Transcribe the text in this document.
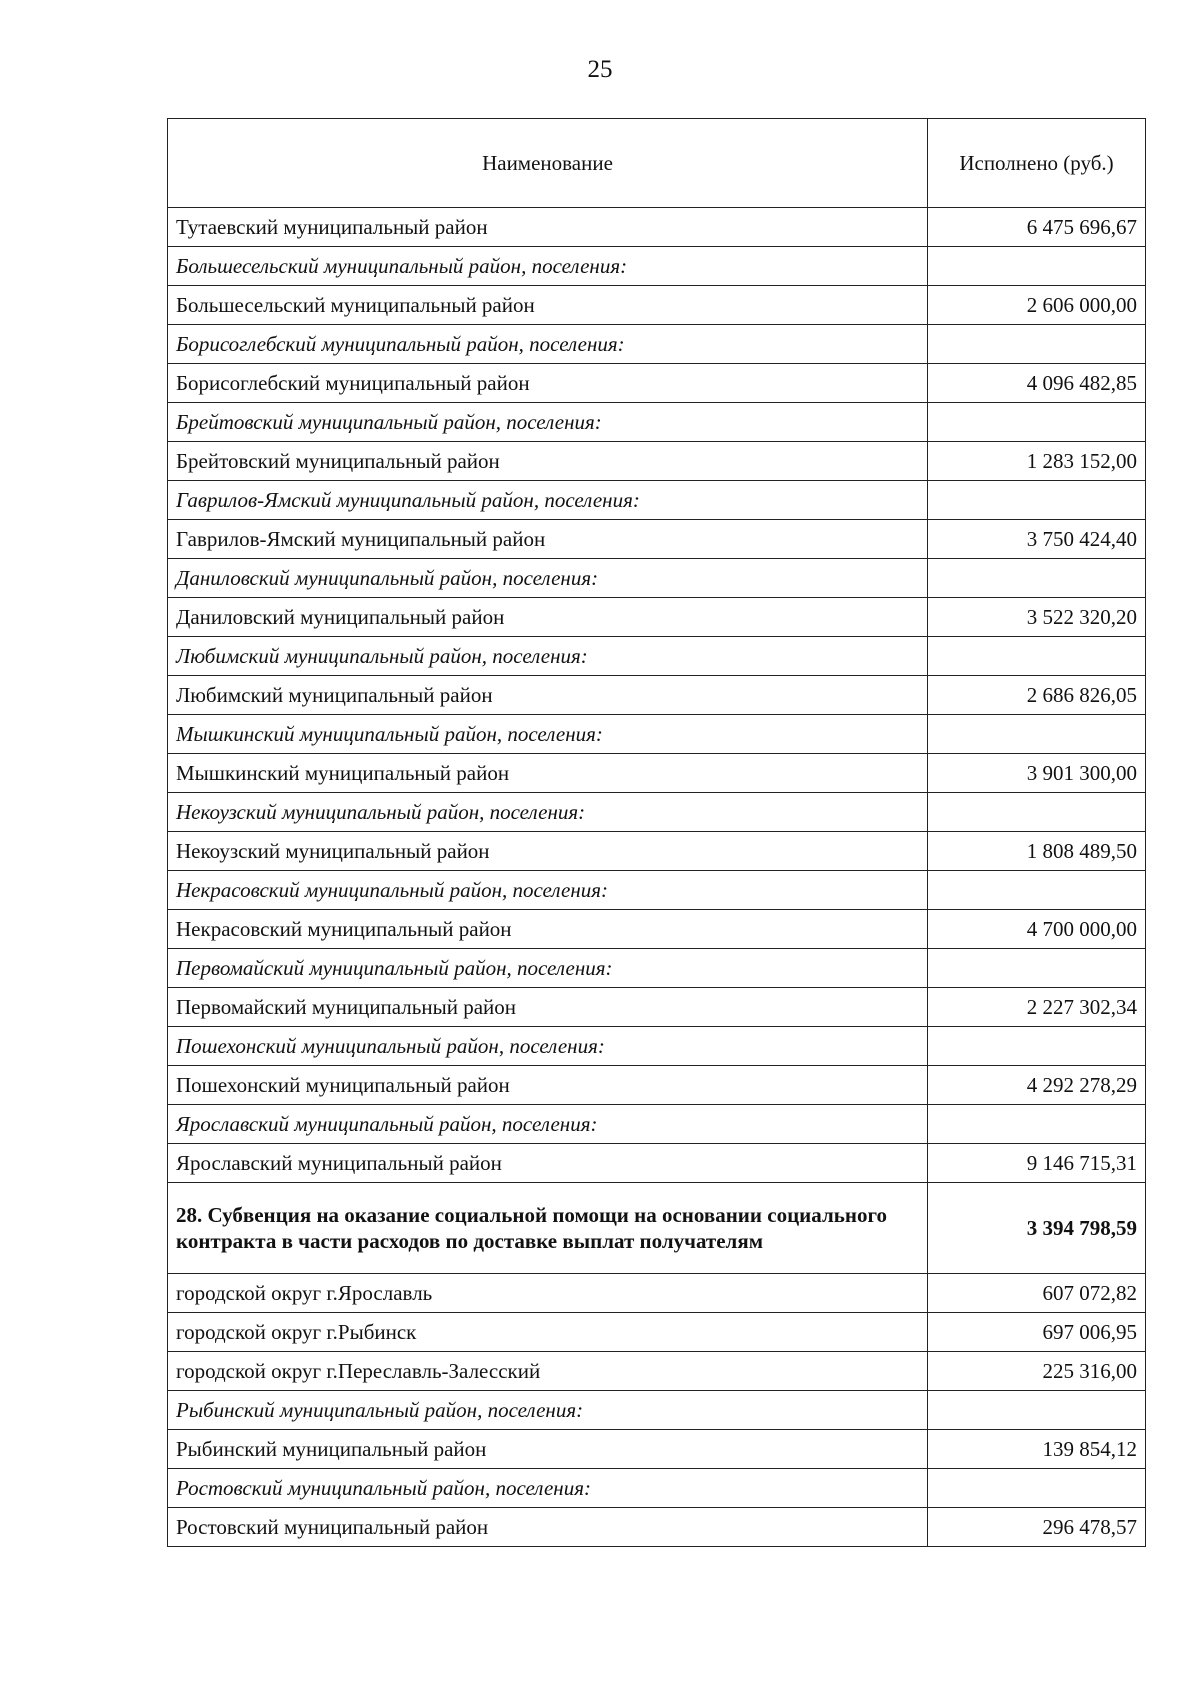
25
Наименование	Исполнено (руб.)
Тутаевский муниципальный район	6 475 696,67
Большесельский муниципальный район, поселения:	
Большесельский муниципальный район	2 606 000,00
Борисоглебский муниципальный район, поселения:	
Борисоглебский муниципальный район	4 096 482,85
Брейтовский муниципальный район, поселения:	
Брейтовский муниципальный район	1 283 152,00
Гаврилов-Ямский муниципальный район, поселения:	
Гаврилов-Ямский муниципальный район	3 750 424,40
Даниловский муниципальный район, поселения:	
Даниловский муниципальный район	3 522 320,20
Любимский муниципальный район, поселения:	
Любимский муниципальный район	2 686 826,05
Мышкинский муниципальный район, поселения:	
Мышкинский муниципальный район	3 901 300,00
Некоузский муниципальный район, поселения:	
Некоузский муниципальный район	1 808 489,50
Некрасовский муниципальный район, поселения:	
Некрасовский муниципальный район	4 700 000,00
Первомайский муниципальный район, поселения:	
Первомайский муниципальный район	2 227 302,34
Пошехонский муниципальный район, поселения:	
Пошехонский муниципальный район	4 292 278,29
Ярославский муниципальный район, поселения:	
Ярославский муниципальный район	9 146 715,31
28. Субвенция на оказание социальной помощи на основании социального контракта в части расходов по доставке выплат получателям	3 394 798,59
городской округ г.Ярославль	607 072,82
городской округ г.Рыбинск	697 006,95
городской округ г.Переславль-Залесский	225 316,00
Рыбинский муниципальный район, поселения:	
Рыбинский муниципальный район	139 854,12
Ростовский муниципальный район, поселения:	
Ростовский муниципальный район	296 478,57
